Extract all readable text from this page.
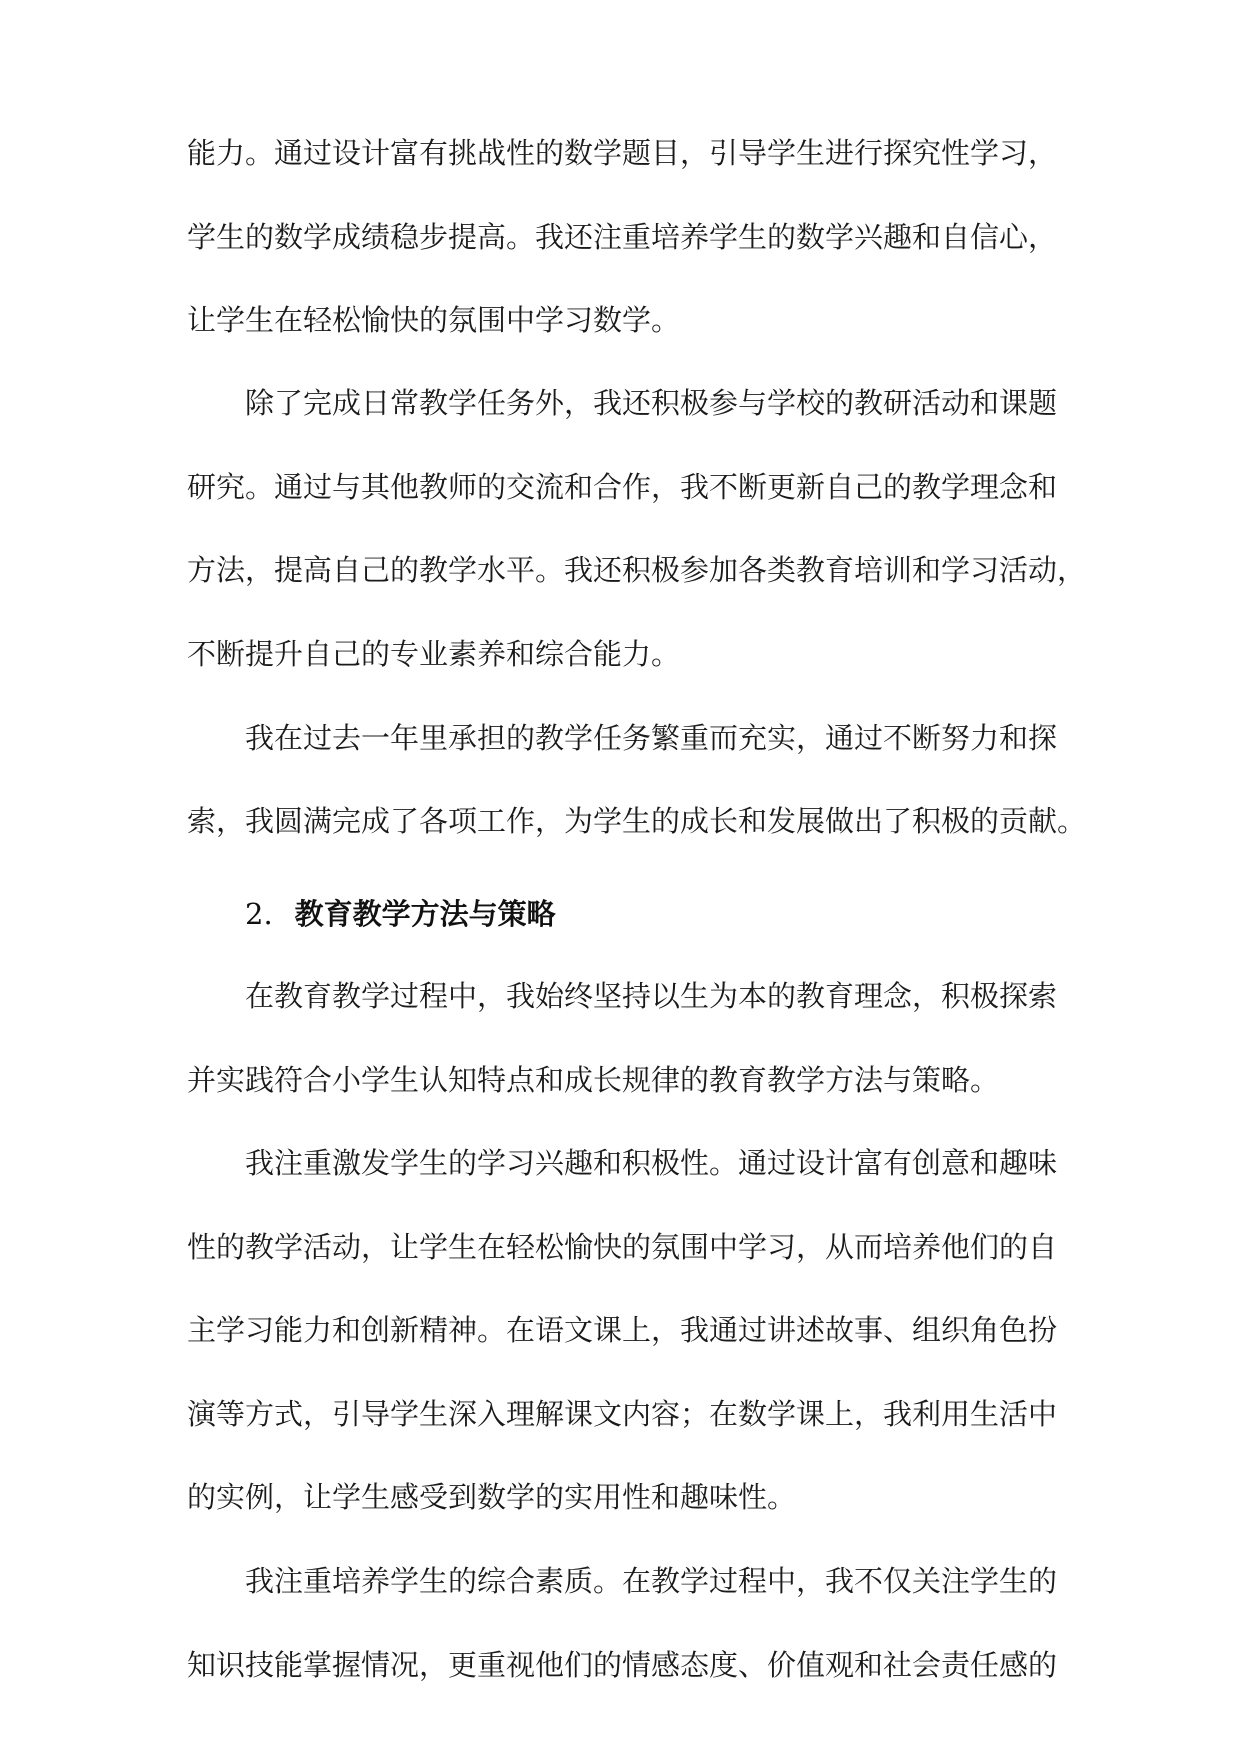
能力。通过设计富有挑战性的数学题目，引导学生进行探究性学习，
学生的数学成绩稳步提高。我还注重培养学生的数学兴趣和自信心，
让学生在轻松愉快的氛围中学习数学。
除了完成日常教学任务外，我还积极参与学校的教研活动和课题
研究。通过与其他教师的交流和合作，我不断更新自己的教学理念和
方法，提高自己的教学水平。我还积极参加各类教育培训和学习活动，
不断提升自己的专业素养和综合能力。
我在过去一年里承担的教学任务繁重而充实，通过不断努力和探
索，我圆满完成了各项工作，为学生的成长和发展做出了积极的贡献。
2. 教育教学方法与策略
在教育教学过程中，我始终坚持以生为本的教育理念，积极探索
并实践符合小学生认知特点和成长规律的教育教学方法与策略。
我注重激发学生的学习兴趣和积极性。通过设计富有创意和趣味
性的教学活动，让学生在轻松愉快的氛围中学习，从而培养他们的自
主学习能力和创新精神。在语文课上，我通过讲述故事、组织角色扮
演等方式，引导学生深入理解课文内容；在数学课上，我利用生活中
的实例，让学生感受到数学的实用性和趣味性。
我注重培养学生的综合素质。在教学过程中，我不仅关注学生的
知识技能掌握情况，更重视他们的情感态度、价值观和社会责任感的
